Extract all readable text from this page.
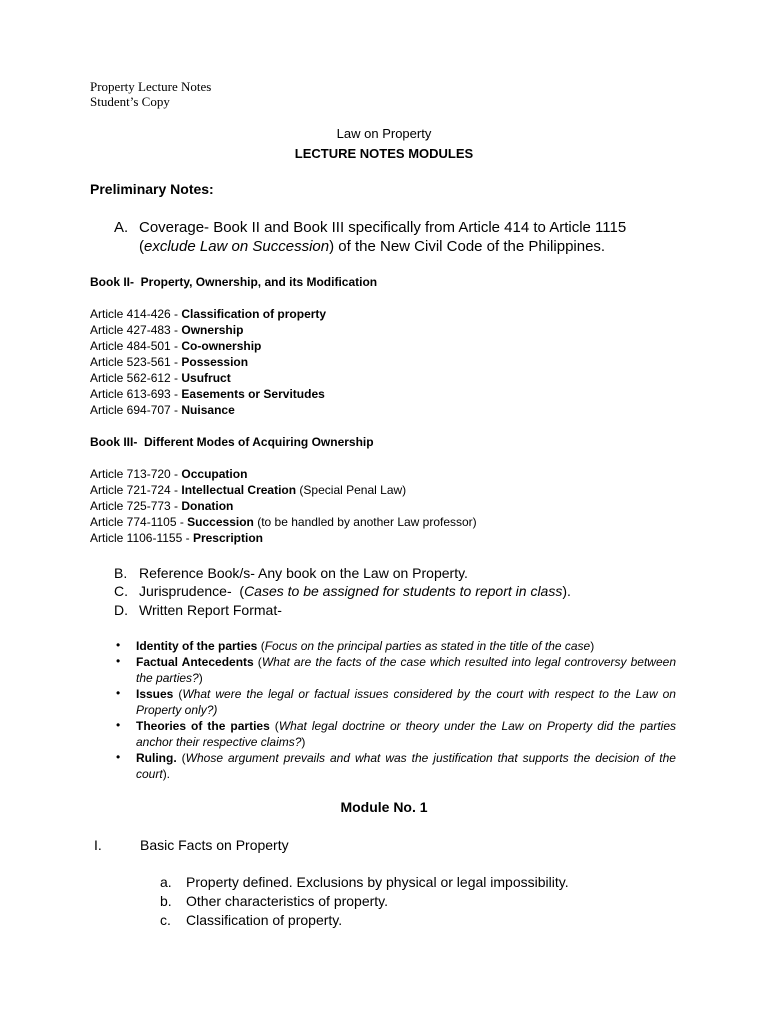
Property Lecture Notes
Student’s Copy
Law on Property
LECTURE NOTES MODULES
Preliminary Notes:
A. Coverage- Book II and Book III specifically from Article 414 to Article 1115
(exclude Law on Succession) of the New Civil Code of the Philippines.
Book II- Property, Ownership, and its Modification
Article 414-426 - Classification of property
Article 427-483 - Ownership
Article 484-501 - Co-ownership
Article 523-561 - Possession
Article 562-612 - Usufruct
Article 613-693 - Easements or Servitudes
Article 694-707 - Nuisance
Book III- Different Modes of Acquiring Ownership
Article 713-720 - Occupation
Article 721-724 - Intellectual Creation (Special Penal Law)
Article 725-773 - Donation
Article 774-1105 - Succession (to be handled by another Law professor)
Article 1106-1155 - Prescription
B. Reference Book/s- Any book on the Law on Property.
C. Jurisprudence-  (Cases to be assigned for students to report in class).
D. Written Report Format-
• Identity of the parties (Focus on the principal parties as stated in the title of the case)
• Factual Antecedents (What are the facts of the case which resulted into legal controversy between the parties?)
• Issues (What were the legal or factual issues considered by the court with respect to the Law on Property only?)
• Theories of the parties (What legal doctrine or theory under the Law on Property did the parties anchor their respective claims?)
• Ruling. (Whose argument prevails and what was the justification that supports the decision of the court).
Module No. 1
I.	Basic Facts on Property
a. Property defined. Exclusions by physical or legal impossibility.
b. Other characteristics of property.
c. Classification of property.
